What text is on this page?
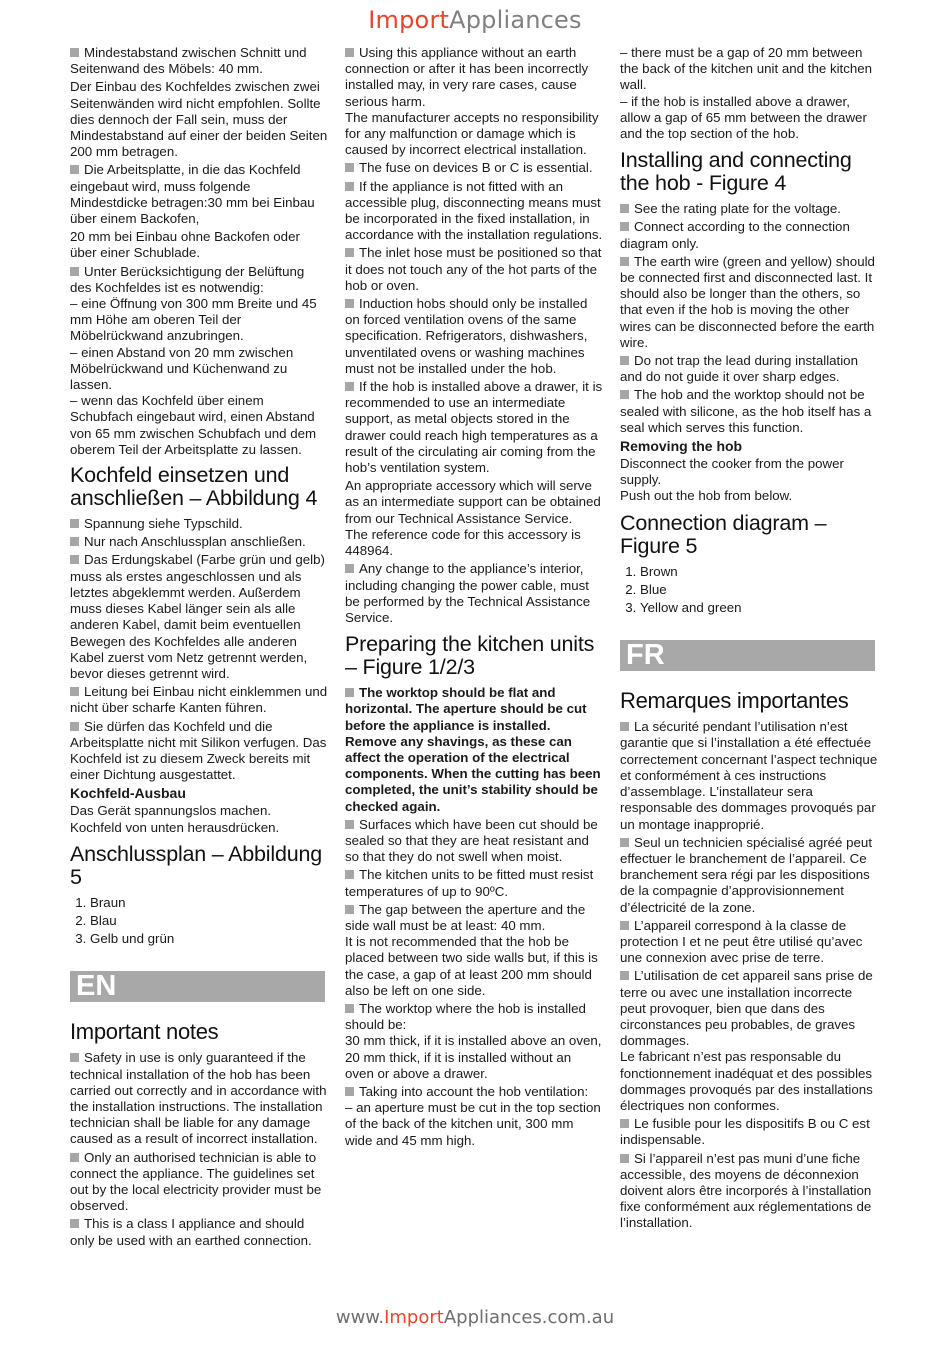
ImportAppliances

Mindestabstand zwischen Schnitt und Seitenwand des Möbels: 40 mm.

Der Einbau des Kochfeldes zwischen zwei Seitenwänden wird nicht empfohlen. Sollte dies dennoch der Fall sein, muss der Mindestabstand auf einer der beiden Seiten 200 mm betragen.

Die Arbeitsplatte, in die das Kochfeld eingebaut wird, muss folgende Mindestdicke betragen:30 mm bei Einbau über einem Backofen,

20 mm bei Einbau ohne Backofen oder über einer Schublade.

Unter Berücksichtigung der Belüftung des Kochfeldes ist es notwendig:

– eine Öffnung von 300 mm Breite und 45 mm Höhe am oberen Teil der Möbelrückwand anzubringen.

– einen Abstand von 20 mm zwischen Möbelrückwand und Küchenwand zu lassen.

– wenn das Kochfeld über einem Schubfach eingebaut wird, einen Abstand von 65 mm zwischen Schubfach und dem oberem Teil der Arbeitsplatte zu lassen.

Kochfeld einsetzen und anschließen – Abbildung 4

Spannung siehe Typschild.

Nur nach Anschlussplan anschließen.

Das Erdungskabel (Farbe grün und gelb) muss als erstes angeschlossen und als letztes abgeklemmt werden. Außerdem muss dieses Kabel länger sein als alle anderen Kabel, damit beim eventuellen Bewegen des Kochfeldes alle anderen Kabel zuerst vom Netz getrennt werden, bevor dieses getrennt wird.

Leitung bei Einbau nicht einklemmen und nicht über scharfe Kanten führen.

Sie dürfen das Kochfeld und die Arbeitsplatte nicht mit Silikon verfugen. Das Kochfeld ist zu diesem Zweck bereits mit einer Dichtung ausgestattet.

Kochfeld-Ausbau

Das Gerät spannungslos machen.

Kochfeld von unten herausdrücken.

Anschlussplan – Abbildung 5
1. Braun
2. Blau
3. Gelb und grün
EN
Important notes

Safety in use is only guaranteed if the technical installation of the hob has been carried out correctly and in accordance with the installation instructions. The installation technician shall be liable for any damage caused as a result of incorrect installation.

Only an authorised technician is able to connect the appliance. The guidelines set out by the local electricity provider must be observed.

This is a class I appliance and should only be used with an earthed connection.

Using this appliance without an earth connection or after it has been incorrectly installed may, in very rare cases, cause serious harm.

The manufacturer accepts no responsibility for any malfunction or damage which is caused by incorrect electrical installation.

The fuse on devices B or C is essential.

If the appliance is not fitted with an accessible plug, disconnecting means must be incorporated in the fixed installation, in accordance with the installation regulations.

The inlet hose must be positioned so that it does not touch any of the hot parts of the hob or oven.

Induction hobs should only be installed on forced ventilation ovens of the same specification. Refrigerators, dishwashers, unventilated ovens or washing machines must not be installed under the hob.

If the hob is installed above a drawer, it is recommended to use an intermediate support, as metal objects stored in the drawer could reach high temperatures as a result of the circulating air coming from the hob’s ventilation system.

An appropriate accessory which will serve as an intermediate support can be obtained from our Technical Assistance Service.

The reference code for this accessory is 448964.

Any change to the appliance’s interior, including changing the power cable, must be performed by the Technical Assistance Service.

Preparing the kitchen units – Figure 1/2/3

The worktop should be flat and horizontal. The aperture should be cut before the appliance is installed. Remove any shavings, as these can affect the operation of the electrical components. When the cutting has been completed, the unit’s stability should be checked again.

Surfaces which have been cut should be sealed so that they are heat resistant and so that they do not swell when moist.

The kitchen units to be fitted must resist temperatures of up to 90ºC.

The gap between the aperture and the side wall must be at least: 40 mm.

It is not recommended that the hob be placed between two side walls but, if this is the case, a gap of at least 200 mm should also be left on one side.

The worktop where the hob is installed should be:

30 mm thick, if it is installed above an oven,

20 mm thick, if it is installed without an oven or above a drawer.

Taking into account the hob ventilation:

– an aperture must be cut in the top section of the back of the kitchen unit, 300 mm wide and 45 mm high.

– there must be a gap of 20 mm between the back of the kitchen unit and the kitchen wall.

– if the hob is installed above a drawer, allow a gap of 65 mm between the drawer and the top section of the hob.

Installing and connecting the hob - Figure 4

See the rating plate for the voltage.

Connect according to the connection diagram only.

The earth wire (green and yellow) should be connected first and disconnected last. It should also be longer than the others, so that even if the hob is moving the other wires can be disconnected before the earth wire.

Do not trap the lead during installation and do not guide it over sharp edges.

The hob and the worktop should not be sealed with silicone, as the hob itself has a seal which serves this function.

Removing the hob

Disconnect the cooker from the power supply.

Push out the hob from below.

Connection diagram – Figure 5
1. Brown
2. Blue
3. Yellow and green
FR
Remarques importantes

La sécurité pendant l’utilisation n’est garantie que si l’installation a été effectuée correctement concernant l’aspect technique et conformément à ces instructions d’assemblage. L’installateur sera responsable des dommages provoqués par un montage inapproprié.

Seul un technicien spécialisé agréé peut effectuer le branchement de l’appareil. Ce branchement sera régi par les dispositions de la compagnie d’approvisionnement d’électricité de la zone.

L’appareil correspond à la classe de protection I et ne peut être utilisé qu’avec une connexion avec prise de terre.

L’utilisation de cet appareil sans prise de terre ou avec une installation incorrecte peut provoquer, bien que dans des circonstances peu probables, de graves dommages.

Le fabricant n’est pas responsable du fonctionnement inadéquat et des possibles dommages provoqués par des installations électriques non conformes.

Le fusible pour les dispositifs B ou C est indispensable.

Si l’appareil n’est pas muni d’une fiche accessible, des moyens de déconnexion doivent alors être incorporés à l’installation fixe conformément aux réglementations de l’installation.

www.ImportAppliances.com.au
